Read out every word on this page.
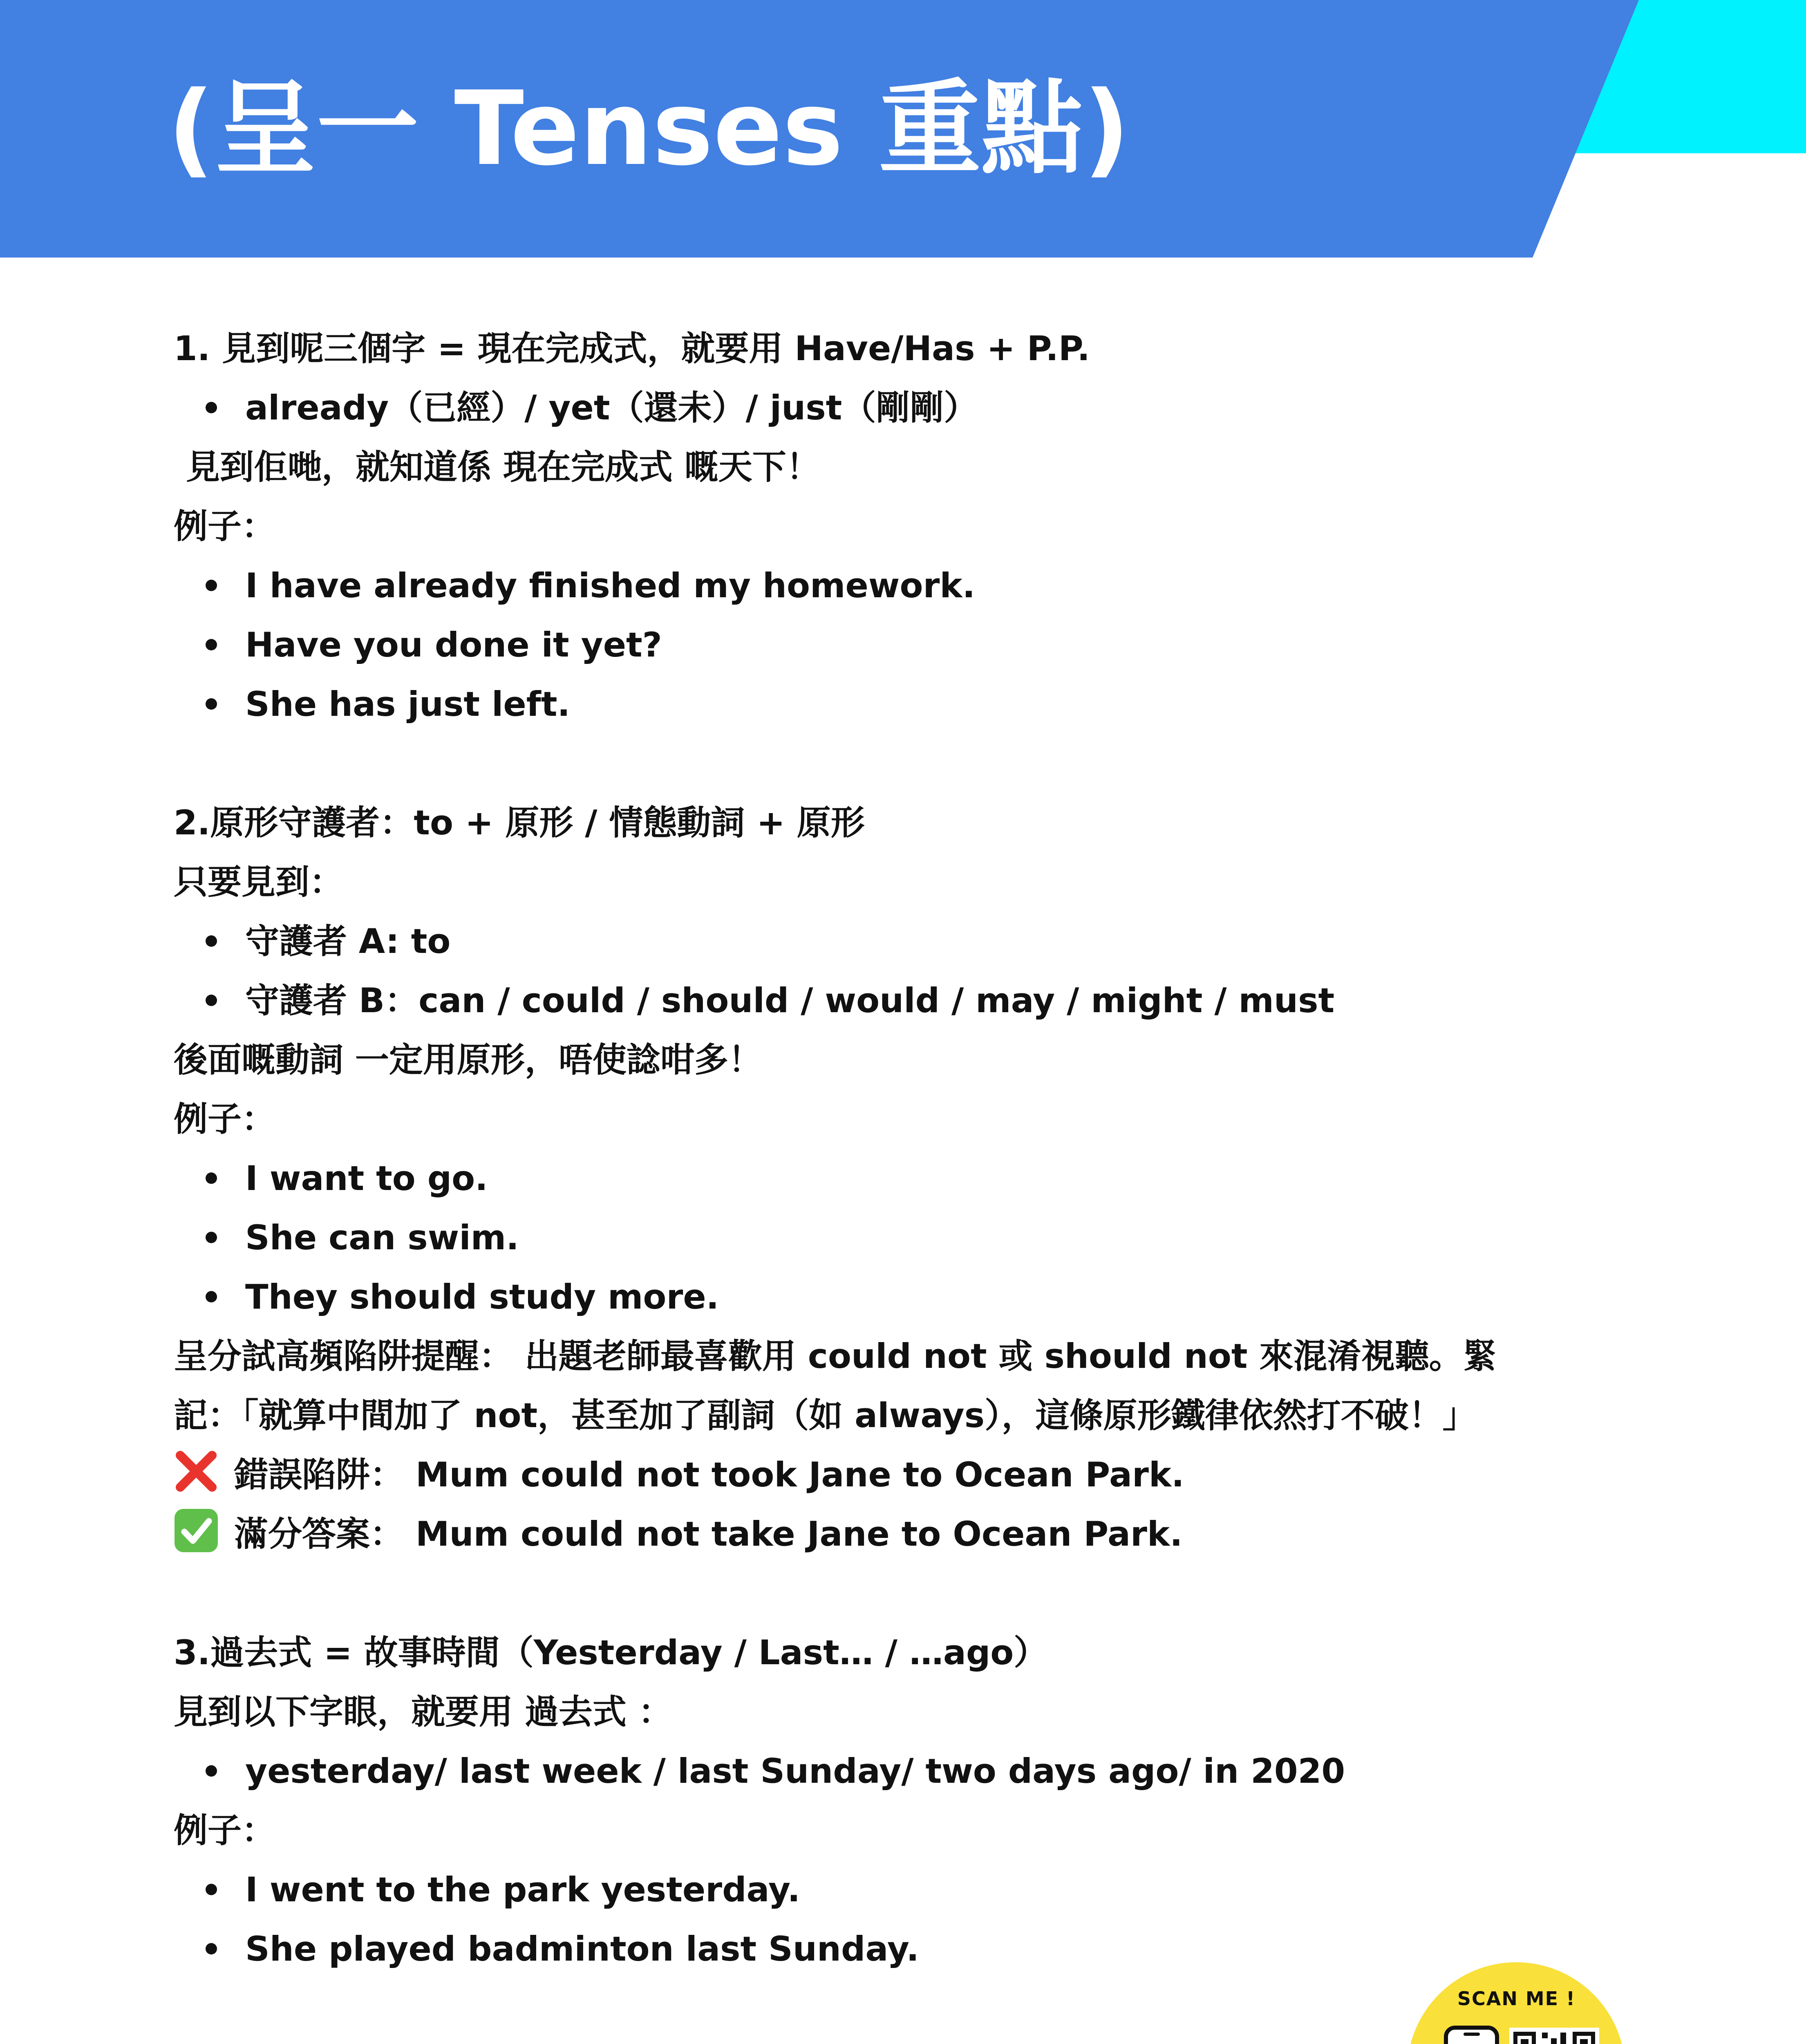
(呈一 Tenses 重點)
1. 見到呢三個字 = 現在完成式，就要用 Have/Has + P.P.
already（已經）/ yet（還未）/ just（剛剛）
見到佢哋，就知道係 現在完成式 嘅天下！
例子：
I have already finished my homework.
Have you done it yet?
She has just left.
2.原形守護者：to + 原形 / 情態動詞 + 原形
只要見到：
守護者 A: to
守護者 B：can / could / should / would / may / might / must
後面嘅動詞 一定用原形，唔使諗咁多！
例子：
I want to go.
She can swim.
They should study more.
呈分試高頻陷阱提醒： 出題老師最喜歡用 could not 或 should not 來混淆視聽。緊
記：「就算中間加了 not，甚至加了副詞（如 always），這條原形鐵律依然打不破！」
錯誤陷阱： Mum could not took Jane to Ocean Park.
滿分答案： Mum could not take Jane to Ocean Park.
3.過去式 = 故事時間（Yesterday / Last… / …ago）
見到以下字眼，就要用 過去式 ：
yesterday/ last week / last Sunday/ two days ago/ in 2020
例子：
I went to the park yesterday.
She played badminton last Sunday.
SCAN ME !
